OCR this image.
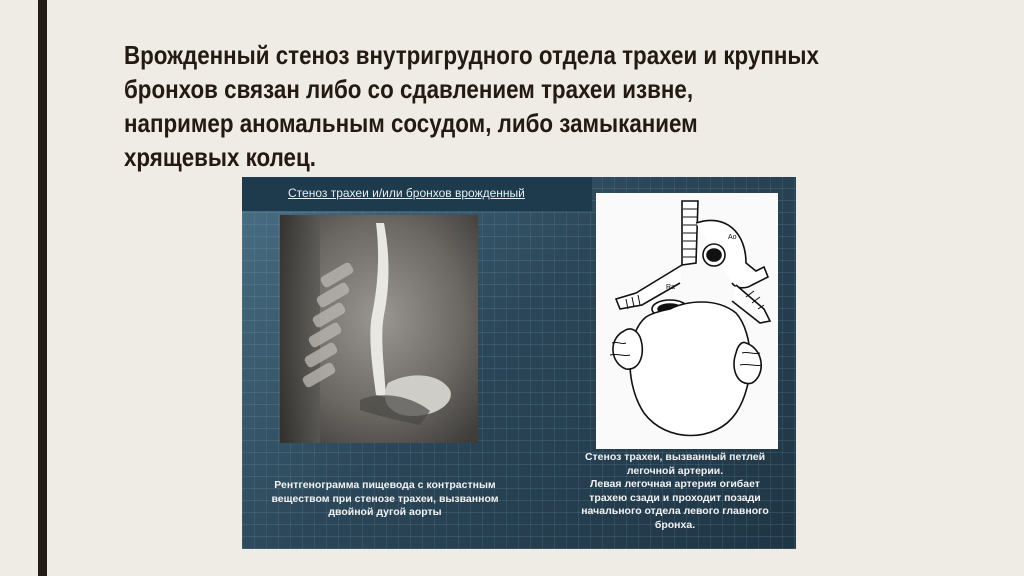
Врожденный стеноз внутригрудного отдела трахеи и крупных
бронхов связан либо со сдавлением трахеи извне,
например аномальным сосудом, либо замыканием
хрящевых колец.
Стеноз трахеи и/или бронхов врожденный
Ao
Ra

Рентгенограмма пищевода с контрастным
веществом при стенозе трахеи, вызванном
двойной дугой аорты

Стеноз трахеи, вызванный петлей
легочной артерии.
Левая легочная артерия огибает
трахею сзади и проходит позади
начального отдела левого главного
бронха.
